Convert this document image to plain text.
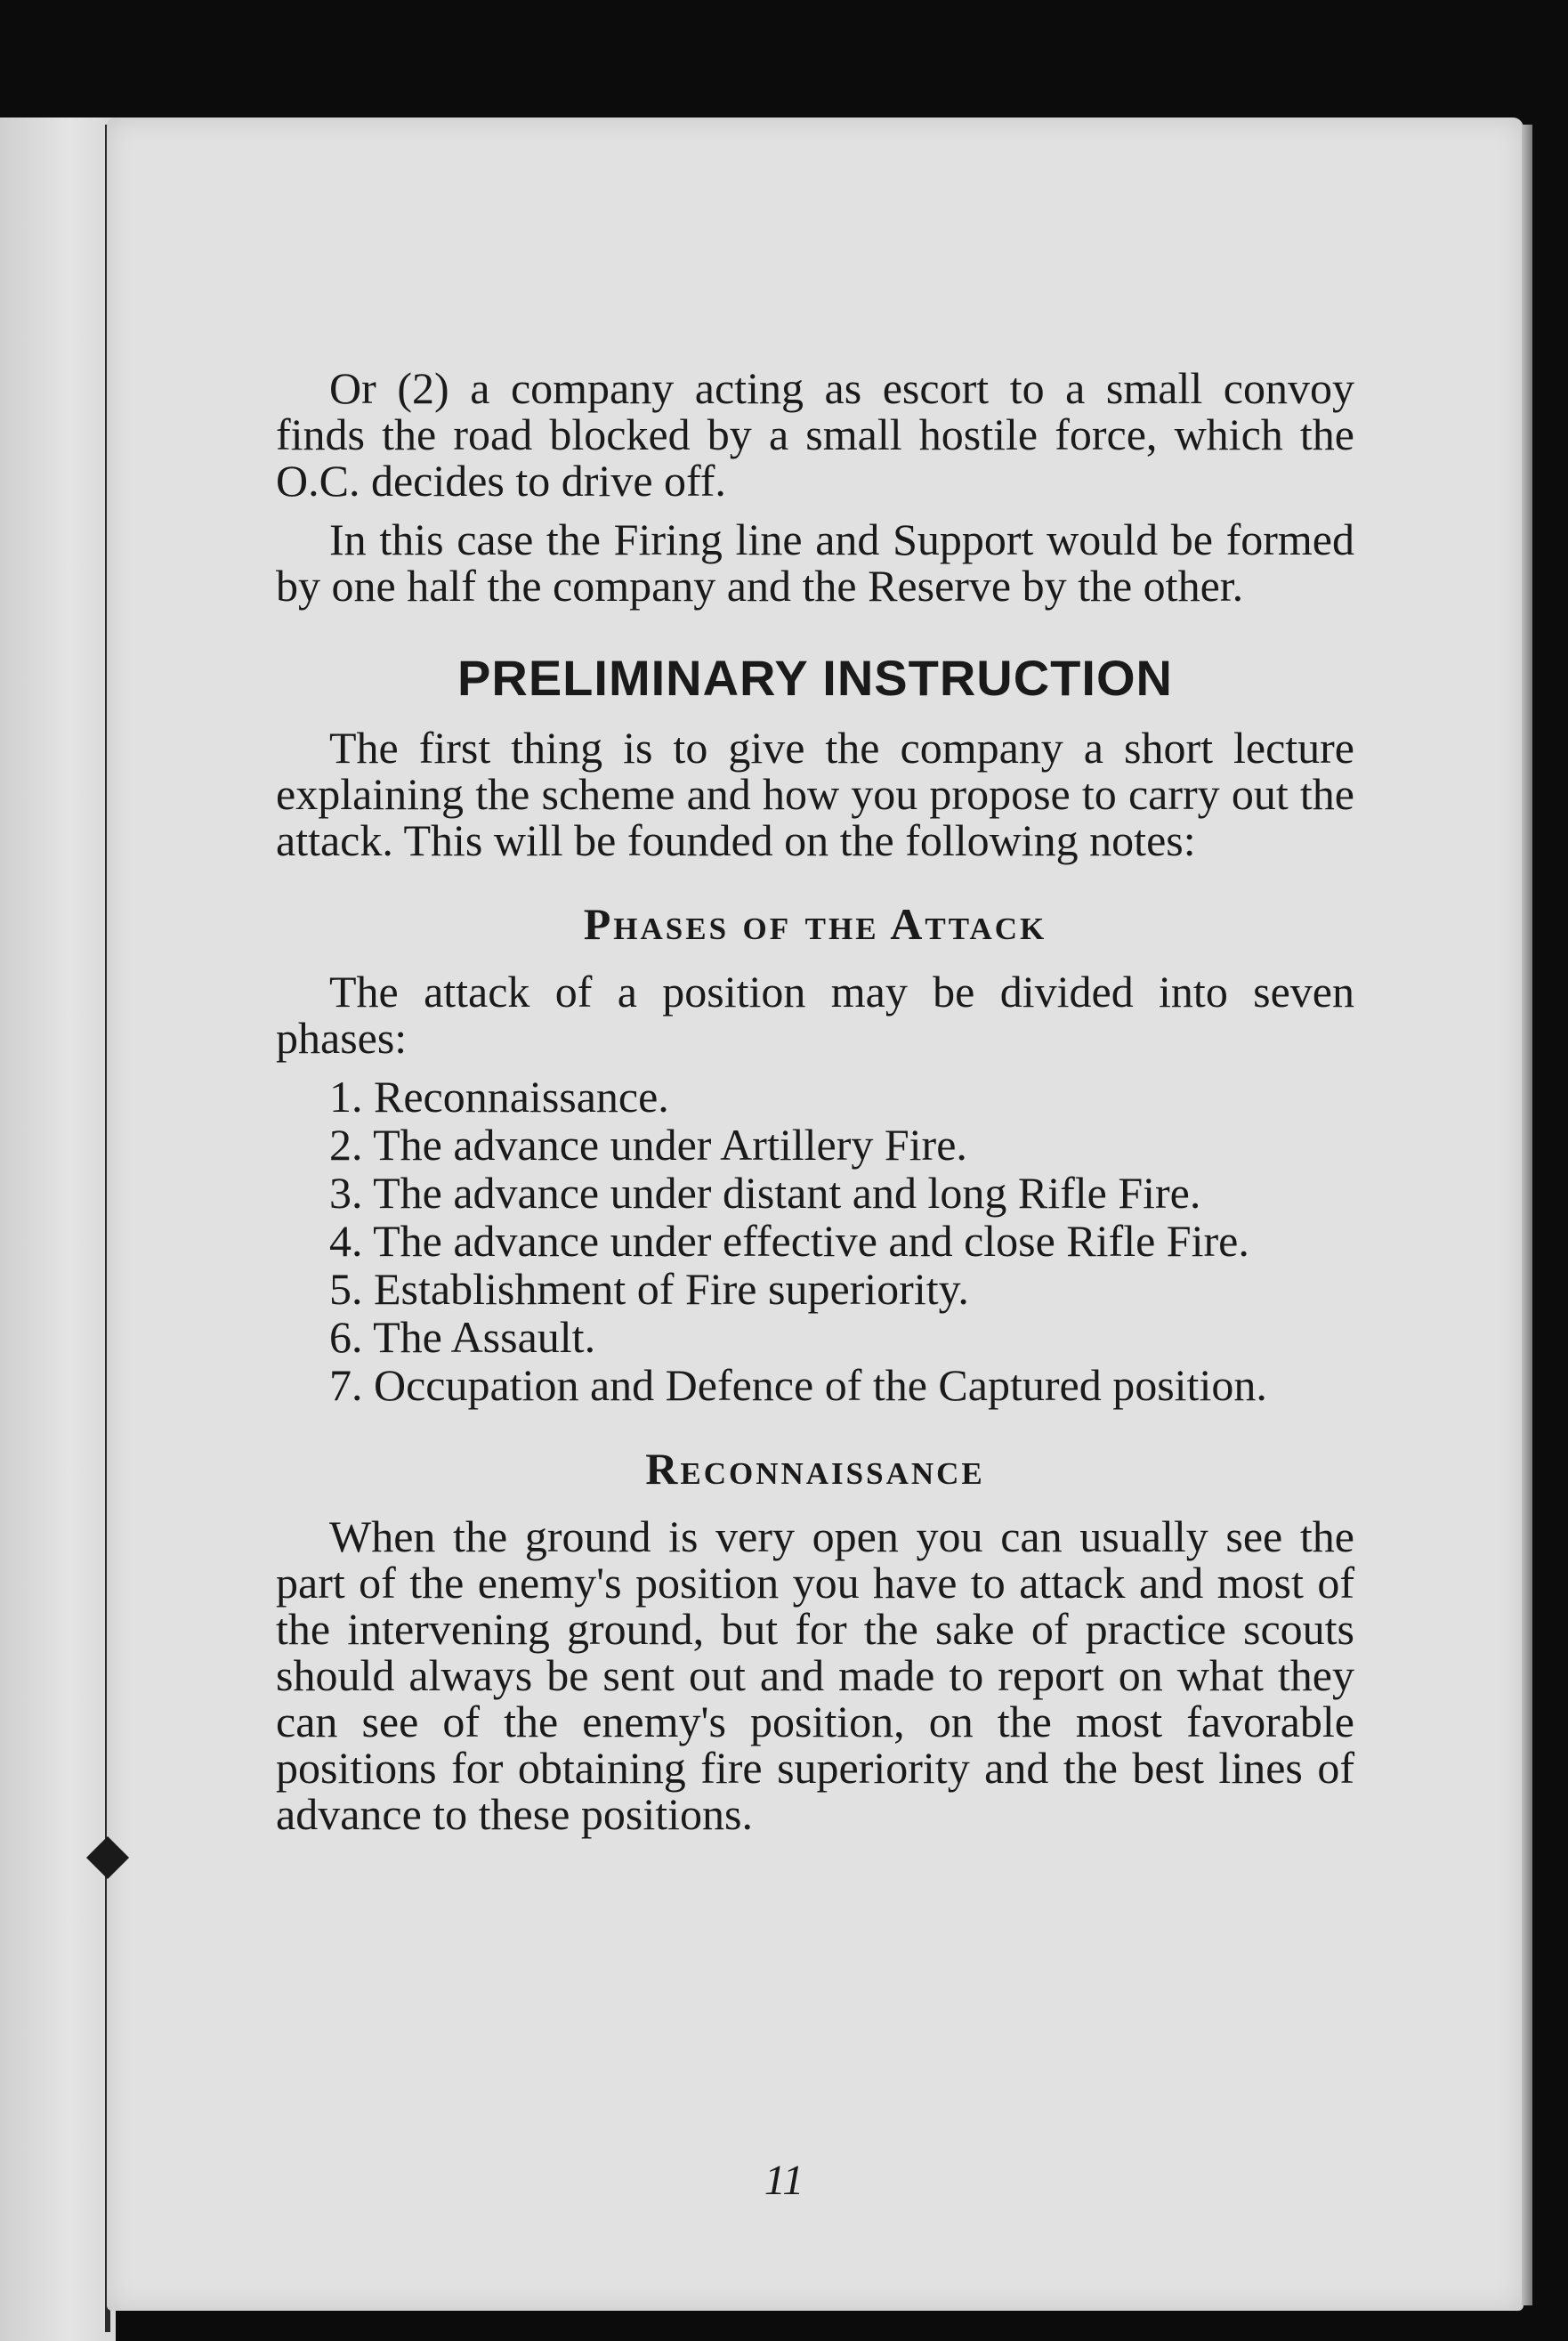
Or (2) a company acting as escort to a small convoy finds the road blocked by a small hostile force, which the O.C. decides to drive off.

In this case the Firing line and Support would be formed by one half the company and the Reserve by the other.

PRELIMINARY INSTRUCTION

The first thing is to give the company a short lecture explaining the scheme and how you propose to carry out the attack. This will be founded on the following notes:

Phases of the Attack

The attack of a position may be divided into seven phases:

1. Reconnaissance.
2. The advance under Artillery Fire.
3. The advance under distant and long Rifle Fire.
4. The advance under effective and close Rifle Fire.
5. Establishment of Fire superiority.
6. The Assault.
7. Occupation and Defence of the Captured position.
Reconnaissance

When the ground is very open you can usually see the part of the enemy's position you have to attack and most of the intervening ground, but for the sake of practice scouts should always be sent out and made to report on what they can see of the enemy's position, on the most favorable positions for obtaining fire superiority and the best lines of advance to these positions.

11
